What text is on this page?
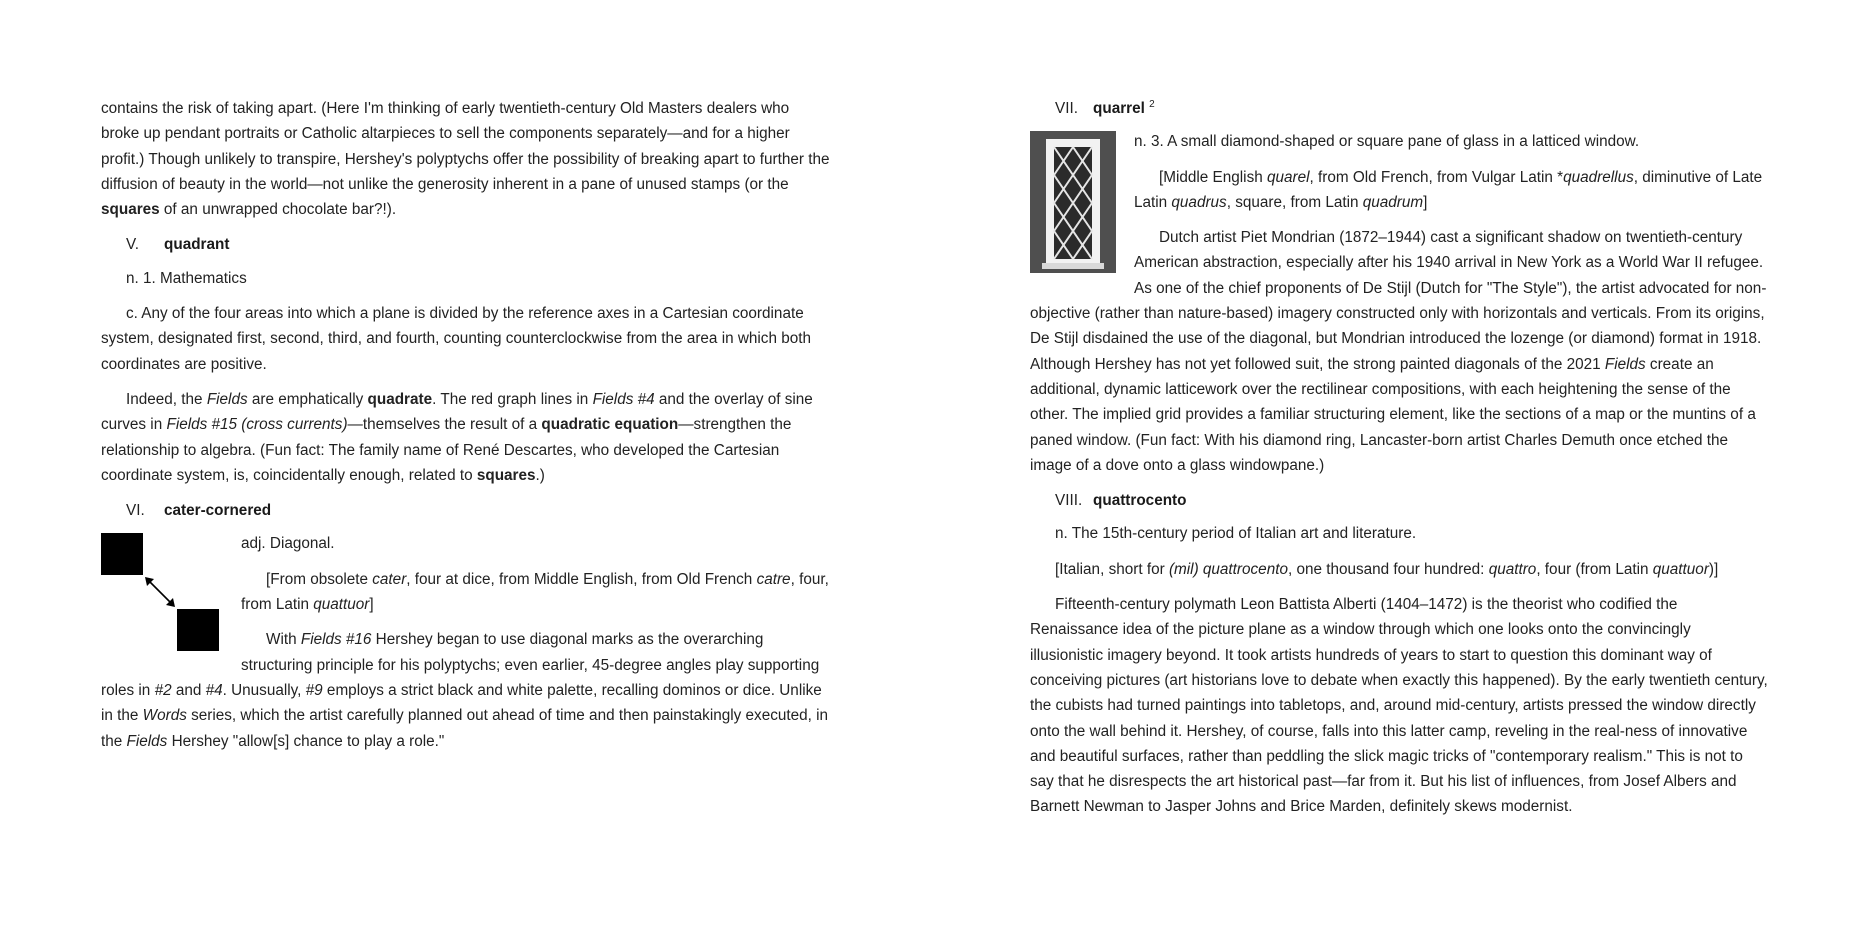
contains the risk of taking apart. (Here I'm thinking of early twentieth-century Old Masters dealers who broke up pendant portraits or Catholic altarpieces to sell the components separately—and for a higher profit.) Though unlikely to transpire, Hershey's polyptychs offer the possibility of breaking apart to further the diffusion of beauty in the world—not unlike the generosity inherent in a pane of unused stamps (or the squares of an unwrapped chocolate bar?!).

V. quadrant

n. 1. Mathematics

c. Any of the four areas into which a plane is divided by the reference axes in a Cartesian coordinate system, designated first, second, third, and fourth, counting counterclockwise from the area in which both coordinates are positive.

Indeed, the Fields are emphatically quadrate. The red graph lines in Fields #4 and the overlay of sine curves in Fields #15 (cross currents)—themselves the result of a quadratic equation—strengthen the relationship to algebra. (Fun fact: The family name of René Descartes, who developed the Cartesian coordinate system, is, coincidentally enough, related to squares.)

VI. cater-cornered

adj. Diagonal.

[From obsolete cater, four at dice, from Middle English, from Old French catre, four, from Latin quattuor]

With Fields #16 Hershey began to use diagonal marks as the overarching structuring principle for his polyptychs; even earlier, 45-degree angles play supporting roles in #2 and #4. Unusually, #9 employs a strict black and white palette, recalling dominos or dice. Unlike in the Words series, which the artist carefully planned out ahead of time and then painstakingly executed, in the Fields Hershey "allow[s] chance to play a role."

VII. quarrel $^2$

n. 3. A small diamond-shaped or square pane of glass in a latticed window.

[Middle English quarel, from Old French, from Vulgar Latin *quadrellus, diminutive of Late Latin quadrus, square, from Latin quadrum]

Dutch artist Piet Mondrian (1872–1944) cast a significant shadow on twentieth-century American abstraction, especially after his 1940 arrival in New York as a World War II refugee. As one of the chief proponents of De Stijl (Dutch for "The Style"), the artist advocated for non-objective (rather than nature-based) imagery constructed only with horizontals and verticals. From its origins, De Stijl disdained the use of the diagonal, but Mondrian introduced the lozenge (or diamond) format in 1918. Although Hershey has not yet followed suit, the strong painted diagonals of the 2021 Fields create an additional, dynamic latticework over the rectilinear compositions, with each heightening the sense of the other. The implied grid provides a familiar structuring element, like the sections of a map or the muntins of a paned window. (Fun fact: With his diamond ring, Lancaster-born artist Charles Demuth once etched the image of a dove onto a glass windowpane.)

VIII. quattrocento

n. The 15th-century period of Italian art and literature.

[Italian, short for (mil) quattrocento, one thousand four hundred: quattro, four (from Latin quattuor)]

Fifteenth-century polymath Leon Battista Alberti (1404–1472) is the theorist who codified the Renaissance idea of the picture plane as a window through which one looks onto the convincingly illusionistic imagery beyond. It took artists hundreds of years to start to question this dominant way of conceiving pictures (art historians love to debate when exactly this happened). By the early twentieth century, the cubists had turned paintings into tabletops, and, around mid-century, artists pressed the window directly onto the wall behind it. Hershey, of course, falls into this latter camp, reveling in the real-ness of innovative and beautiful surfaces, rather than peddling the slick magic tricks of "contemporary realism." This is not to say that he disrespects the art historical past—far from it. But his list of influences, from Josef Albers and Barnett Newman to Jasper Johns and Brice Marden, definitely skews modernist.
